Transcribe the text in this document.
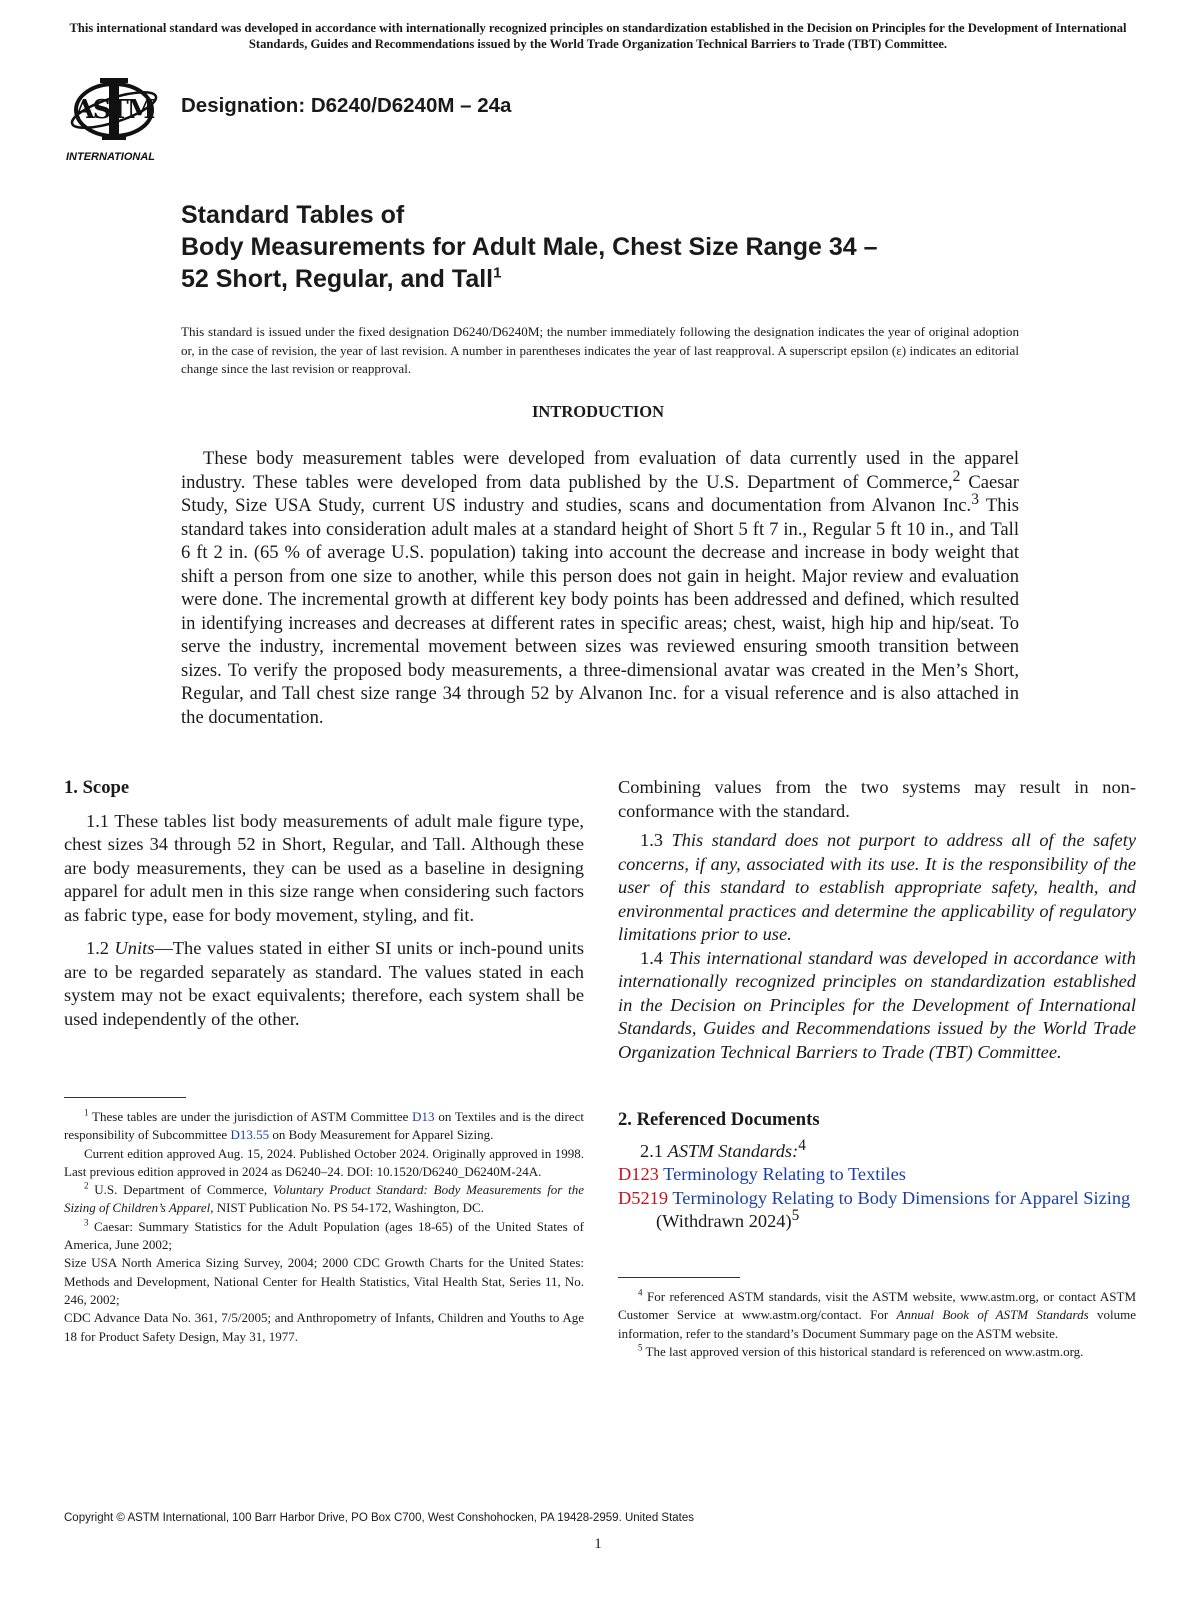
This international standard was developed in accordance with internationally recognized principles on standardization established in the Decision on Principles for the Development of International Standards, Guides and Recommendations issued by the World Trade Organization Technical Barriers to Trade (TBT) Committee.
ASTM
INTERNATIONAL
Designation: D6240/D6240M – 24a
Standard Tables of
Body Measurements for Adult Male, Chest Size Range 34 –
52 Short, Regular, and Tall$^1$
This standard is issued under the fixed designation D6240/D6240M; the number immediately following the designation indicates the year of original adoption or, in the case of revision, the year of last revision. A number in parentheses indicates the year of last reapproval. A superscript epsilon (ε) indicates an editorial change since the last revision or reapproval.
INTRODUCTION
These body measurement tables were developed from evaluation of data currently used in the apparel industry. These tables were developed from data published by the U.S. Department of Commerce,$^2$ Caesar Study, Size USA Study, current US industry and studies, scans and documentation from Alvanon Inc.$^3$ This standard takes into consideration adult males at a standard height of Short 5 ft 7 in., Regular 5 ft 10 in., and Tall 6 ft 2 in. (65 % of average U.S. population) taking into account the decrease and increase in body weight that shift a person from one size to another, while this person does not gain in height. Major review and evaluation were done. The incremental growth at different key body points has been addressed and defined, which resulted in identifying increases and decreases at different rates in specific areas; chest, waist, high hip and hip/seat. To serve the industry, incremental movement between sizes was reviewed ensuring smooth transition between sizes. To verify the proposed body measurements, a three-dimensional avatar was created in the Men’s Short, Regular, and Tall chest size range 34 through 52 by Alvanon Inc. for a visual reference and is also attached in the documentation.
1. Scope

1.1 These tables list body measurements of adult male figure type, chest sizes 34 through 52 in Short, Regular, and Tall. Although these are body measurements, they can be used as a baseline in designing apparel for adult men in this size range when considering such factors as fabric type, ease for body movement, styling, and fit.

1.2 Units—The values stated in either SI units or inch-pound units are to be regarded separately as standard. The values stated in each system may not be exact equivalents; therefore, each system shall be used independently of the other.

$^1$ These tables are under the jurisdiction of ASTM Committee D13 on Textiles and is the direct responsibility of Subcommittee D13.55 on Body Measurement for Apparel Sizing.

Current edition approved Aug. 15, 2024. Published October 2024. Originally approved in 1998. Last previous edition approved in 2024 as D6240–24. DOI: 10.1520/D6240_D6240M-24A.

$^2$ U.S. Department of Commerce, Voluntary Product Standard: Body Measurements for the Sizing of Children’s Apparel, NIST Publication No. PS 54-172, Washington, DC.

$^3$ Caesar: Summary Statistics for the Adult Population (ages 18-65) of the United States of America, June 2002;

Size USA North America Sizing Survey, 2004; 2000 CDC Growth Charts for the United States: Methods and Development, National Center for Health Statistics, Vital Health Stat, Series 11, No. 246, 2002;

CDC Advance Data No. 361, 7/5/2005; and Anthropometry of Infants, Children and Youths to Age 18 for Product Safety Design, May 31, 1977.

Combining values from the two systems may result in non-conformance with the standard.

1.3 This standard does not purport to address all of the safety concerns, if any, associated with its use. It is the responsibility of the user of this standard to establish appropriate safety, health, and environmental practices and determine the applicability of regulatory limitations prior to use.

1.4 This international standard was developed in accordance with internationally recognized principles on standardization established in the Decision on Principles for the Development of International Standards, Guides and Recommendations issued by the World Trade Organization Technical Barriers to Trade (TBT) Committee.

2. Referenced Documents

2.1 ASTM Standards:$^4$

D123 Terminology Relating to Textiles

D5219 Terminology Relating to Body Dimensions for Apparel Sizing (Withdrawn 2024)$^5$

$^4$ For referenced ASTM standards, visit the ASTM website, www.astm.org, or contact ASTM Customer Service at www.astm.org/contact. For Annual Book of ASTM Standards volume information, refer to the standard’s Document Summary page on the ASTM website.

$^5$ The last approved version of this historical standard is referenced on www.astm.org.

Copyright © ASTM International, 100 Barr Harbor Drive, PO Box C700, West Conshohocken, PA 19428-2959. United States
1
